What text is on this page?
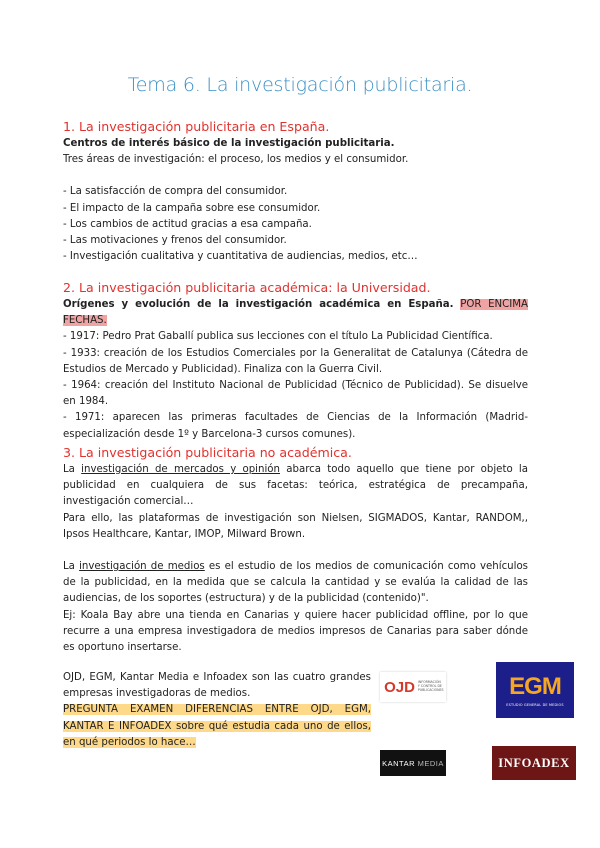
Tema 6. La investigación publicitaria.
1. La investigación publicitaria en España.

Centros de interés básico de la investigación publicitaria.

Tres áreas de investigación: el proceso, los medios y el consumidor.

- La satisfacción de compra del consumidor.

- El impacto de la campaña sobre ese consumidor.

- Los cambios de actitud gracias a esa campaña.

- Las motivaciones y frenos del consumidor.

- Investigación cualitativa y cuantitativa de audiencias, medios, etc…

2. La investigación publicitaria académica: la Universidad.

Orígenes y evolución de la investigación académica en España. POR ENCIMA FECHAS.

- 1917: Pedro Prat Gaballí publica sus lecciones con el título La Publicidad Científica.

- 1933: creación de los Estudios Comerciales por la Generalitat de Catalunya (Cátedra de Estudios de Mercado y Publicidad). Finaliza con la Guerra Civil.

- 1964: creación del Instituto Nacional de Publicidad (Técnico de Publicidad). Se disuelve en 1984.

- 1971: aparecen las primeras facultades de Ciencias de la Información (Madrid-especialización desde 1º y Barcelona-3 cursos comunes).

3. La investigación publicitaria no académica.

La investigación de mercados y opinión abarca todo aquello que tiene por objeto la publicidad en cualquiera de sus facetas: teórica, estratégica de precampaña, investigación comercial…

Para ello, las plataformas de investigación son Nielsen, SIGMADOS, Kantar, RANDOM,, Ipsos Healthcare, Kantar, IMOP, Milward Brown.

La investigación de medios es el estudio de los medios de comunicación como vehículos de la publicidad, en la medida que se calcula la cantidad y se evalúa la calidad de las audiencias, de los soportes (estructura) y de la publicidad (contenido)".

Ej: Koala Bay abre una tienda en Canarias y quiere hacer publicidad offline, por lo que recurre a una empresa investigadora de medios impresos de Canarias para saber dónde es oportuno insertarse.

OJD, EGM, Kantar Media e Infoadex son las cuatro grandes empresas investigadoras de medios.

PREGUNTA EXAMEN DIFERENCIAS ENTRE OJD, EGM, KANTAR E INFOADEX sobre qué estudia cada uno de ellos, en qué periodos lo hace…

OJD INFORMACIÓN Y CONTROL DE PUBLICACIONES	EGM
ESTUDIO GENERAL DE MEDIOS
KANTAR
MEDIA	INFOADEX
